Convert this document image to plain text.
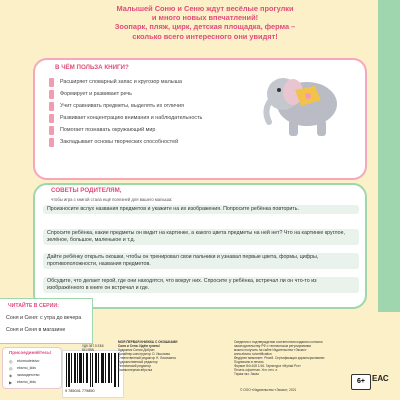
Малышей Соню и Сеню ждут весёлые прогулки
и много новых впечатлений!
Зоопарк, пляж, цирк, детская площадка, ферма –
сколько всего интересного они увидят!
В ЧЁМ ПОЛЬЗА КНИГИ?
Расширяет словарный запас и кругозор малыша
Формирует и развивает речь
Учит сравнивать предметы, выделять их отличия
Развивает концентрацию внимания и наблюдательность
Помогает познавать окружающий мир
Закладывает основы творческих способностей
СОВЕТЫ РОДИТЕЛЯМ,
чтобы игра с книгой стала ещё полезней для вашего малыша:
Произносите вслух названия предметов и укажите на их изображения. Попросите ребёнка повторить.
Спросите ребёнка, какие предметы он видит на картинке, а какого цвета предметы на ней нет? Что на картинке круглое, зелёное, большое, маленькое и т.д.
Дайте ребёнку открыть окошки, чтобы он тренировал свои пальчики и узнавал первые цвета, формы, цифры, противоположности, названия предметов.
Обсудите, что делает герой, где они находятся, что вокруг них. Спросите у ребёнка, встречал ли он что-то из изображённого в книге он встречал и где.
ЧИТАЙТЕ В СЕРИИ:
Соня и Сеня: с утра до вечера
Соня и Сеня в магазине
Присоединяйтесь!
◎ ekomodetstvo
◎ eksmo_kids
◈ эксмодетство
▶ eksmo_kids
9 785041 779850
УДК 087.5 ББК 84 ISBN
МОЯ ПЕРВАЯ КНИЖКА С ОКОШКАМИ
Соня и Сеня. Идём гулять!
Художник Сония Добрин
Дизайнер-конструктор О. Ишонова
Ответственный редактор Н. Лисичкина
Художественный редактор
Технический редактор
Компьютерная вёрстка
Сведения о подтверждении соответствия издания согласно
законодательству РФ о техническом регулировании
можно получить на сайте Издательства «Эксмо»
www.eksmo.ru/certification
Өндірген мемлекет: Ресей. Сертификация қарастырылмаған
Подписано в печать
Формат 84×108 1/16. Гарнитура «Myriad Pro»
Печать офсетная. Усл. печ. л.
Тираж экз. Заказ
© ООО «Издательство «Эксмо», 2021
6+ ЕАС
